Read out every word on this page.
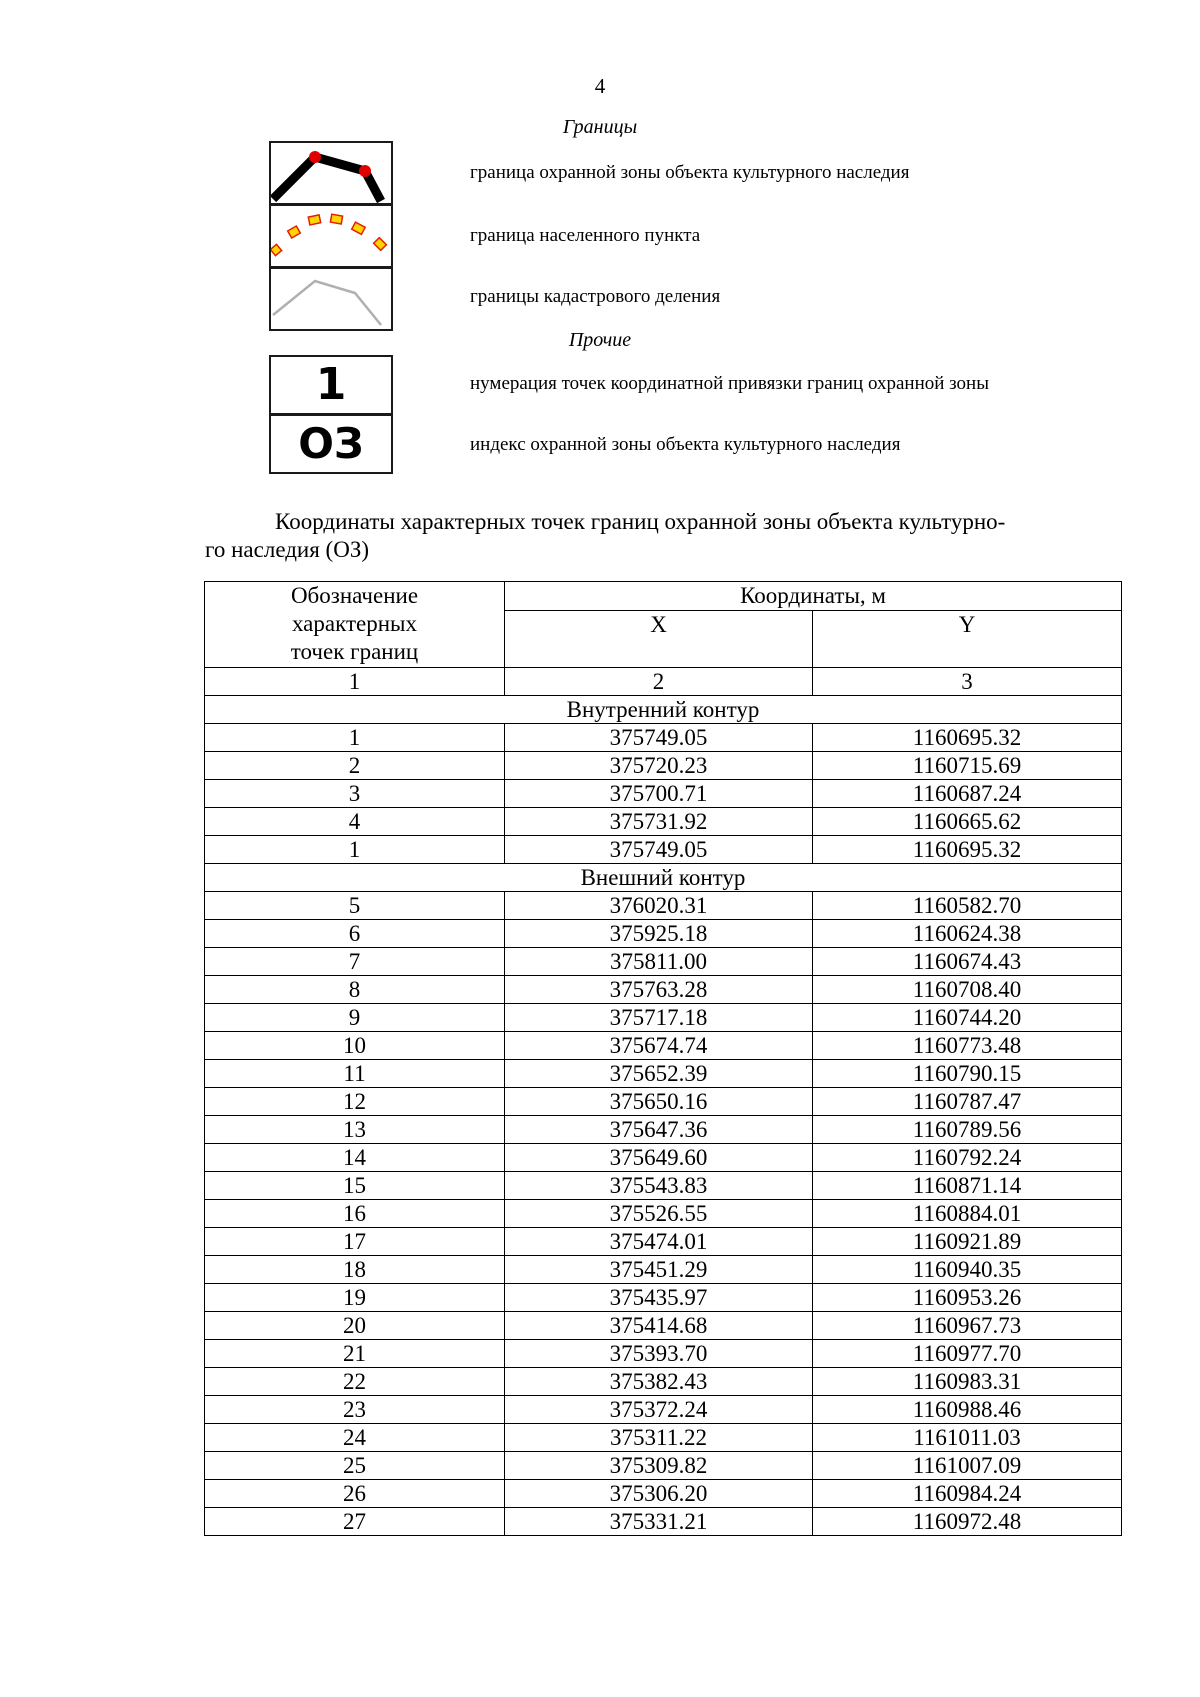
4
Границы
граница охранной зоны объекта культурного наследия
граница населенного пункта
границы кадастрового деления
Прочие
1	нумерация точек координатной привязки границ охранной зоны
ОЗ	индекс охранной зоны объекта культурного наследия
Координаты характерных точек границ охранной зоны объекта культурно-
го наследия (ОЗ)
Обозначение
характерных
точек границ	Координаты, м	
	X	Y
1	2	3
Внутренний контур		
1	375749.05	1160695.32
2	375720.23	1160715.69
3	375700.71	1160687.24
4	375731.92	1160665.62
1	375749.05	1160695.32
Внешний контур		
5	376020.31	1160582.70
6	375925.18	1160624.38
7	375811.00	1160674.43
8	375763.28	1160708.40
9	375717.18	1160744.20
10	375674.74	1160773.48
11	375652.39	1160790.15
12	375650.16	1160787.47
13	375647.36	1160789.56
14	375649.60	1160792.24
15	375543.83	1160871.14
16	375526.55	1160884.01
17	375474.01	1160921.89
18	375451.29	1160940.35
19	375435.97	1160953.26
20	375414.68	1160967.73
21	375393.70	1160977.70
22	375382.43	1160983.31
23	375372.24	1160988.46
24	375311.22	1161011.03
25	375309.82	1161007.09
26	375306.20	1160984.24
27	375331.21	1160972.48
